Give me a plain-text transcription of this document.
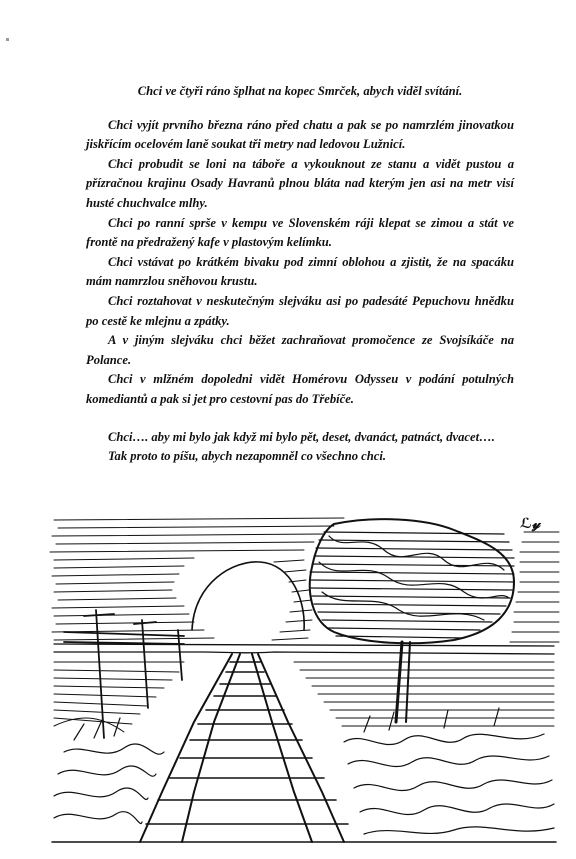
Chci ve čtyři ráno šplhat na kopec Smrček, abych viděl svítání.

Chci vyjít prvního března ráno před chatu a pak se po namrzlém jinovatkou jiskřícím ocelovém laně soukat tři metry nad ledovou Lužnicí.

Chci probudit se loni na táboře a vykouknout ze stanu a vidět pustou a přízračnou krajinu Osady Havranů plnou bláta nad kterým jen asi na metr visí husté chuchvalce mlhy.

Chci po ranní sprše v kempu ve Slovenském ráji klepat se zimou a stát ve frontě na předražený kafe v plastovým kelímku.

Chci vstávat po krátkém bivaku pod zimní oblohou a zjistit, že na spacáku mám namrzlou sněhovou krustu.

Chci roztahovat v neskutečným slejváku asi po padesáté Pepuchovu hnědku po cestě ke mlejnu a zpátky.

A v jiným slejváku chci běžet zachraňovat promočence ze Svojsíkáče na Polance.

Chci v mlžném dopoledni vidět Homérovu Odysseu v podání potulných komediantů a pak si jet pro cestovní pas do Třebíče.

Chci…. aby mi bylo jak když mi bylo pět, deset, dvanáct, patnáct, dvacet….

Tak proto to píšu, abych nezapomněl co všechno chci.

ℒ𝓎
